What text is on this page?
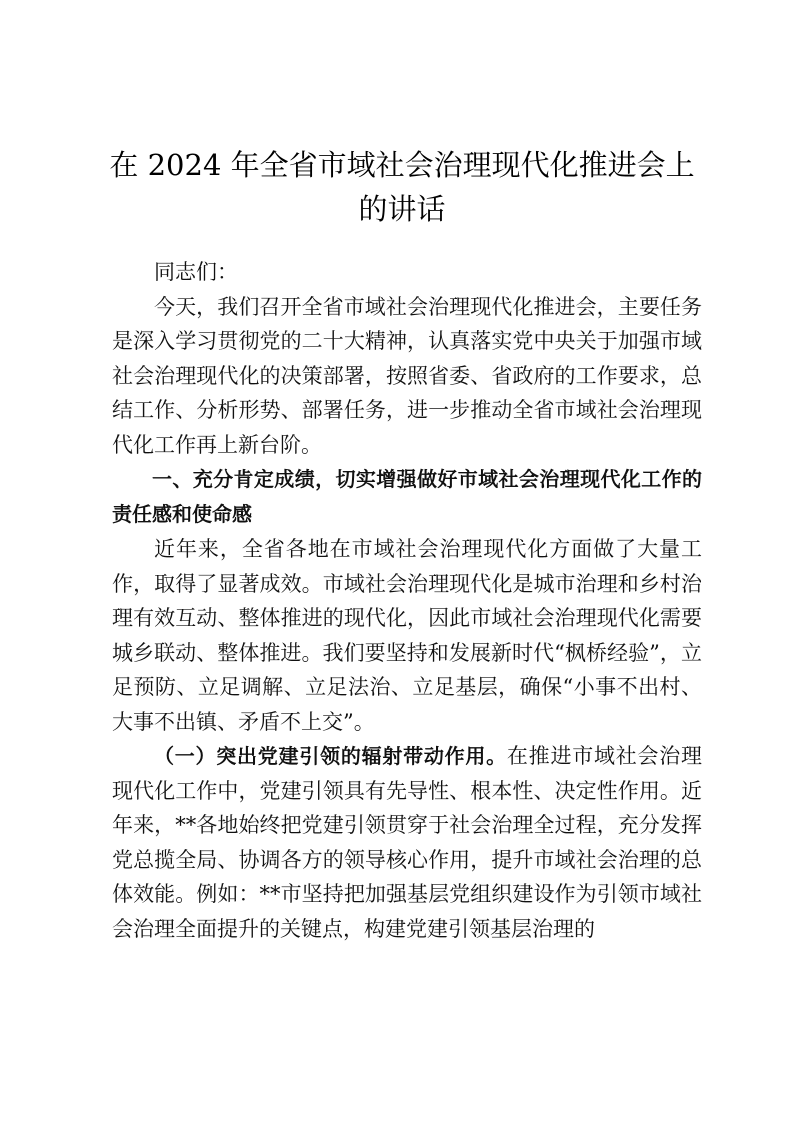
在 2024 年全省市域社会治理现代化推进会上
的讲话

同志们：

今天，我们召开全省市域社会治理现代化推进会，主要任务是深入学习贯彻党的二十大精神，认真落实党中央关于加强市域社会治理现代化的决策部署，按照省委、省政府的工作要求，总结工作、分析形势、部署任务，进一步推动全省市域社会治理现代化工作再上新台阶。

一、充分肯定成绩，切实增强做好市域社会治理现代化工作的责任感和使命感

近年来，全省各地在市域社会治理现代化方面做了大量工作，取得了显著成效。市域社会治理现代化是城市治理和乡村治理有效互动、整体推进的现代化，因此市域社会治理现代化需要城乡联动、整体推进。我们要坚持和发展新时代“枫桥经验”，立足预防、立足调解、立足法治、立足基层，确保“小事不出村、大事不出镇、矛盾不上交”。

（一）突出党建引领的辐射带动作用。在推进市域社会治理现代化工作中，党建引领具有先导性、根本性、决定性作用。近年来，**各地始终把党建引领贯穿于社会治理全过程，充分发挥党总揽全局、协调各方的领导核心作用，提升市域社会治理的总体效能。例如：**市坚持把加强基层党组织建设作为引领市域社会治理全面提升的关键点，构建党建引领基层治理的
